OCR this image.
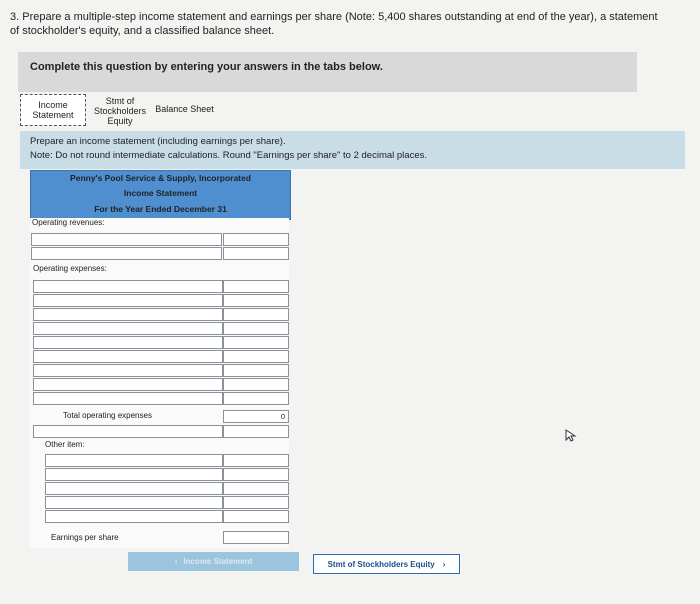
3. Prepare a multiple-step income statement and earnings per share (Note: 5,400 shares outstanding at end of the year), a statement
of stockholder's equity, and a classified balance sheet.
Complete this question by entering your answers in the tabs below.
Income
Statement
Stmt of
Stockholders
Equity
Balance Sheet
Prepare an income statement (including earnings per share).
Note: Do not round intermediate calculations. Round "Earnings per share" to 2 decimal places.
Penny's Pool Service & Supply, Incorporated
Income Statement
For the Year Ended December 31
Operating revenues:
Operating expenses:
Total operating expenses	0
Other item:
Earnings per share
‹ Income Statement	Stmt of Stockholders Equity ›
